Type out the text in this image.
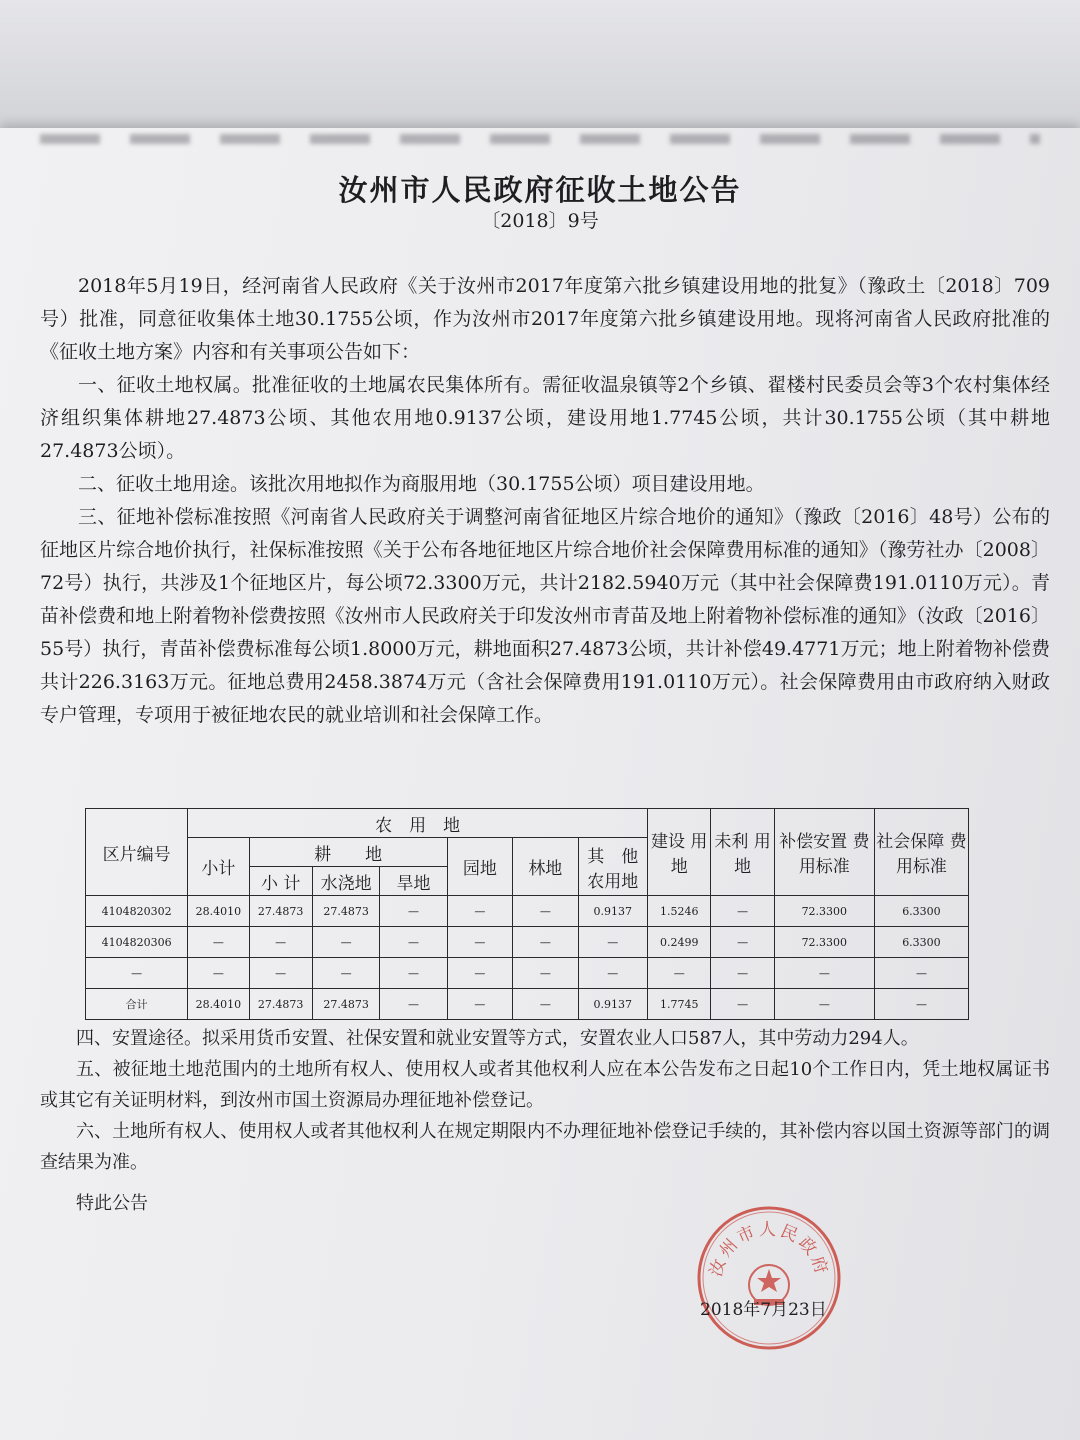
汝州市人民政府征收土地公告
〔2018〕9号

2018年5月19日，经河南省人民政府《关于汝州市2017年度第六批乡镇建设用地的批复》（豫政土〔2018〕709号）批准，同意征收集体土地30.1755公顷，作为汝州市2017年度第六批乡镇建设用地。现将河南省人民政府批准的《征收土地方案》内容和有关事项公告如下：

一、征收土地权属。批准征收的土地属农民集体所有。需征收温泉镇等2个乡镇、翟楼村民委员会等3个农村集体经济组织集体耕地27.4873公顷、其他农用地0.9137公顷，建设用地1.7745公顷，共计30.1755公顷（其中耕地27.4873公顷）。

二、征收土地用途。该批次用地拟作为商服用地（30.1755公顷）项目建设用地。

三、征地补偿标准按照《河南省人民政府关于调整河南省征地区片综合地价的通知》（豫政〔2016〕48号）公布的征地区片综合地价执行，社保标准按照《关于公布各地征地区片综合地价社会保障费用标准的通知》（豫劳社办〔2008〕72号）执行，共涉及1个征地区片，每公顷72.3300万元，共计2182.5940万元（其中社会保障费191.0110万元）。青苗补偿费和地上附着物补偿费按照《汝州市人民政府关于印发汝州市青苗及地上附着物补偿标准的通知》（汝政〔2016〕55号）执行，青苗补偿费标准每公顷1.8000万元，耕地面积27.4873公顷，共计补偿49.4771万元；地上附着物补偿费共计226.3163万元。征地总费用2458.3874万元（含社会保障费用191.0110万元）。社会保障费用由市政府纳入财政专户管理，专项用于被征地农民的就业培训和社会保障工作。

区片编号	农　用　地							建设 用地	未利 用地	补偿安置 费用标准	社会保障 费用标准
	小计	耕　　地			园地	林地	其　他 农用地				
		小 计	水浇地	旱地							
4104820302	28.4010	27.4873	27.4873	—	—	—	0.9137	1.5246	—	72.3300	6.3300
4104820306	—	—	—	—	—	—	—	0.2499	—	72.3300	6.3300
—	—	—	—	—	—	—	—	—	—	—	—
合计	28.4010	27.4873	27.4873	—	—	—	0.9137	1.7745	—	—	—

四、安置途径。拟采用货币安置、社保安置和就业安置等方式，安置农业人口587人，其中劳动力294人。

五、被征地土地范围内的土地所有权人、使用权人或者其他权利人应在本公告发布之日起10个工作日内，凭土地权属证书或其它有关证明材料，到汝州市国土资源局办理征地补偿登记。

六、土地所有权人、使用权人或者其他权利人在规定期限内不办理征地补偿登记手续的，其补偿内容以国土资源等部门的调查结果为准。

特此公告

汝州市人民政府
2018年7月23日
